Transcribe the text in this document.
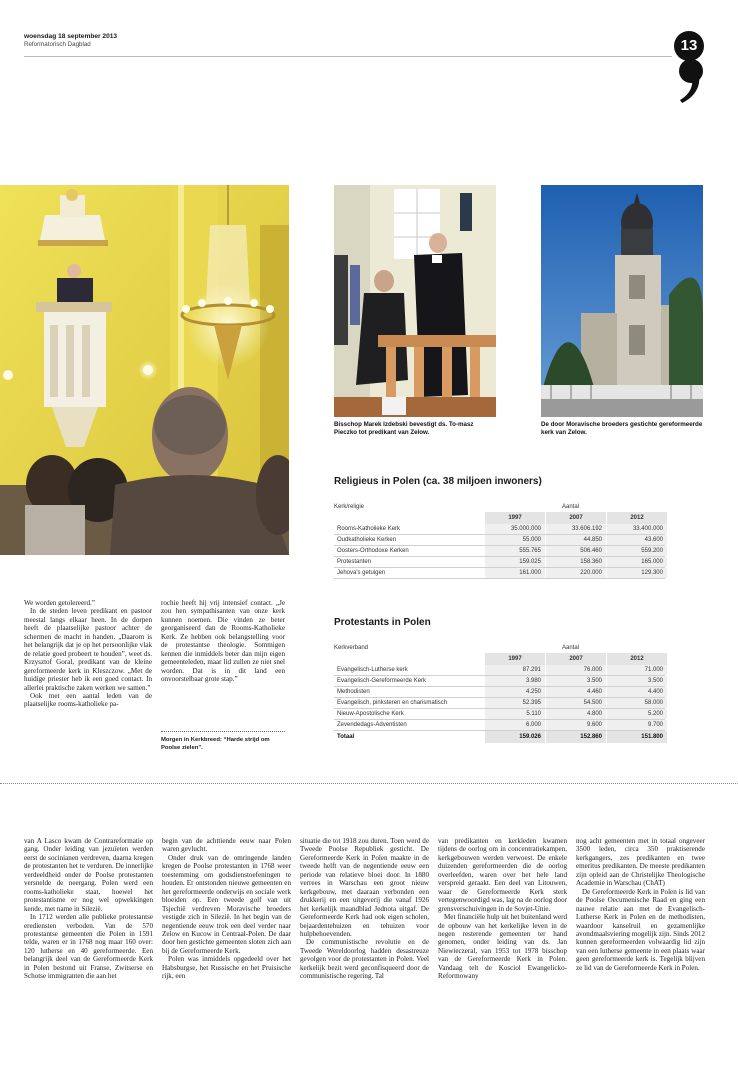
woensdag 18 september 2013
Reformatorisch Dagblad	13
Bisschop Marek Izdebski bevestigt ds. To-masz Pieczko tot predikant van Zelow.
De door Moravische broeders gestichte gereformeerde kerk van Zelow.
Religieus in Polen (ca. 38 miljoen inwoners)
Kerk/religie	Aantal
1997	2007	2012
Rooms-Katholieke Kerk	35.000.000	33.606.192	33.400.000
Oudkatholieke Kerken	55.000	44.850	43.600
Oosters-Orthodoxe Kerken	555.765	506.460	559.200
Protestanten	159.025	158.360	165.000
Jehova's getuigen	161.000	220.000	129.300
Protestants in Polen
Kerkverband	Aantal
1997	2007	2012
Evangelisch-Lutherse kerk	87.291	76.000	71.000
Evangelisch-Gereformeerde Kerk	3.980	3.500	3.500
Methodisten	4.250	4.460	4.400
Evangelisch, pinksteren en charismatisch	52.395	54.500	58.000
Nieuw-Apostolische Kerk	5.110	4.800	5.200
Zevendedags-Adventisten	6.000	9.600	9.700
Totaal	159.026	152.860	151.800

We worden getolereerd.”

In de steden leven predikant en pastoor meestal langs elkaar heen. In de dorpen heeft de plaatselijke pastoor achter de schermen de macht in handen. „Daarom is het belangrijk dat je op het persoonlijke vlak de relatie goed probeert te houden”, weet ds. Krzysztof Goral, predikant van de kleine gereformeerde kerk in Kleszczow. „Met de huidige priester heb ik een goed contact. In allerlei praktische zaken werken we samen.”

Ook met een aantal leden van de plaatselijke rooms-katholieke pa-

rochie heeft hij vrij intensief contact. „Je zou hen sympathisanten van onze kerk kunnen noemen. Die vinden ze beter georganiseerd dan de Rooms-Katholieke Kerk. Ze hebben ook belangstelling voor de protestantse theologie. Sommigen kennen die inmiddels beter dan mijn eigen gemeenteleden, maar lid zullen ze niet snel worden. Dat is in dit land een onvoorstelbaar grote stap.”

Morgen in Kerkbreed: “Harde strijd om Poolse zielen”.

van A Lasco kwam de Contrareformatie op gang. Onder leiding van jezuïeten werden eerst de socinianen verdreven, daarna kregen de protestanten het te verduren. De innerlijke verdeeldheid onder de Poolse protestanten versnelde de neergang. Polen werd een rooms-katholieke staat, hoewel het protestantisme er nog wel opwekkingen kende, met name in Silezië.

In 1712 werden alle publieke protestantse erediensten verboden. Van de 570 protestantse gemeenten die Polen in 1591 telde, waren er in 1768 nog maar 160 over: 120 lutherse en 40 gereformeerde. Een belangrijk deel van de Gereformeerde Kerk in Polen bestond uit Franse, Zwitserse en Schotse immigranten die aan het

begin van de achttiende eeuw naar Polen waren gevlucht.

Onder druk van de omringende landen kregen de Poolse protestanten in 1768 weer toestemming om godsdienstoefeningen te houden. Er ontstonden nieuwe gemeenten en het gereformeerde onderwijs en sociale werk bloeiden op. Een tweede golf van uit Tsjechië verdreven Moravische broeders vestigde zich in Silezië. In het begin van de negentiende eeuw trok een deel verder naar Zelow en Kucow in Centraal-Polen. De daar door hen gestichte gemeenten sloten zich aan bij de Gereformeerde Kerk.

Polen was inmiddels opgedeeld over het Habsburgse, het Russische en het Pruisische rijk, een

situatie die tot 1918 zou duren. Toen werd de Tweede Poolse Republiek gesticht. De Gereformeerde Kerk in Polen maakte in de tweede helft van de negentiende eeuw een periode van relatieve bloei door. In 1880 verrees in Warschau een groot nieuw kerkgebouw, met daaraan verbonden een drukkerij en een uitgeverij die vanaf 1926 het kerkelijk maandblad Jednota uitgaf. De Gereformeerde Kerk had ook eigen scholen, bejaardentehuizen en tehuizen voor hulpbehoevenden.

De communistische revolutie en de Tweede Wereldoorlog hadden desastreuze gevolgen voor de protestanten in Polen. Veel kerkelijk bezit werd geconfisqueerd door de communistische regering. Tal

van predikanten en kerkleden kwamen tijdens de oorlog om in concentratiekampen, kerkgebouwen werden verwoest. De enkele duizenden gereformeerden die de oorlog overleefden, waren over het hele land verspreid geraakt. Een deel van Litouwen, waar de Gereformeerde Kerk sterk vertegenwoordigd was, lag na de oorlog door grensverschuivingen in de Sovjet-Unie.

Met financiële hulp uit het buitenland werd de opbouw van het kerkelijke leven in de negen resterende gemeenten ter hand genomen, onder leiding van ds. Jan Niewieczeral, van 1953 tot 1978 bisschop van de Gereformeerde Kerk in Polen. Vandaag telt de Kosciol Ewangelicko-Reformowany

nog acht gemeenten met in totaal ongeveer 3500 leden, circa 350 praktiserende kerkgangers, zes predikanten en twee emeritus predikanten. De meeste predikanten zijn opleid aan de Christelijke Theologische Academie in Warschau (ChAT)

De Gereformeerde Kerk in Polen is lid van de Poolse Oecumenische Raad en ging een nauwe relatie aan met de Evangelisch-Lutherse Kerk in Polen en de methodisten, waardoor kanselruil en gezamenlijke avondmaalsviering mogelijk zijn. Sinds 2012 kunnen gereformeerden volwaardig lid zijn van een lutherse gemeente in een plaats waar geen gereformeerde kerk is. Tegelijk blijven ze lid van de Gereformeerde Kerk in Polen.
